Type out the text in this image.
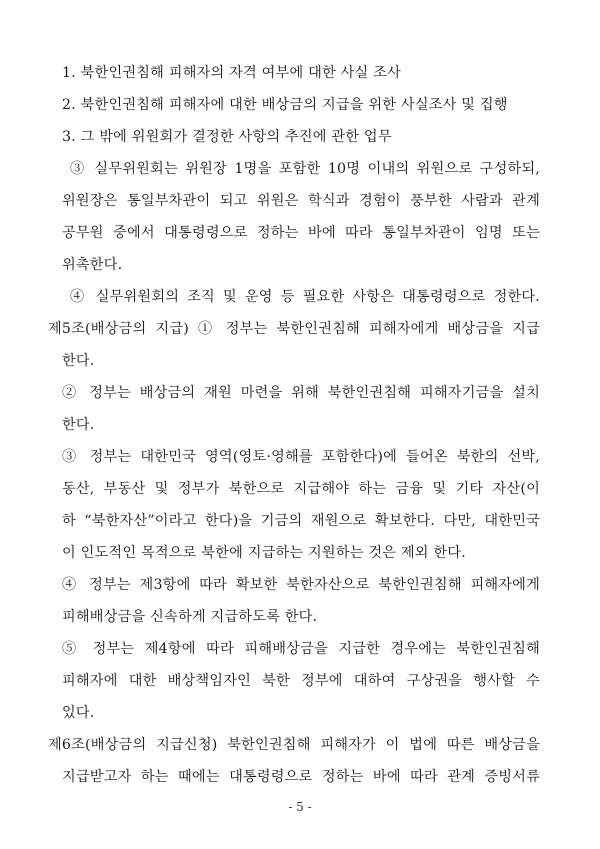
1. 북한인권침해 피해자의 자격 여부에 대한 사실 조사
2. 북한인권침해 피해자에 대한 배상금의 지급을 위한 사실조사 및 집행
3. 그 밖에 위원회가 결정한 사항의 추진에 관한 업무
③ 실무위원회는 위원장 1명을 포함한 10명 이내의 위원으로 구성하되,
위원장은 통일부차관이 되고 위원은 학식과 경험이 풍부한 사람과 관계
공무원 중에서 대통령령으로 정하는 바에 따라 통일부차관이 임명 또는
위촉한다.
④ 실무위원회의 조직 및 운영 등 필요한 사항은 대통령령으로 정한다.
제5조(배상금의 지급) ① 정부는 북한인권침해 피해자에게 배상금을 지급
한다.
② 정부는 배상금의 재원 마련을 위해 북한인권침해 피해자기금을 설치
한다.
③ 정부는 대한민국 영역(영토·영해를 포함한다)에 들어온 북한의 선박,
동산, 부동산 및 정부가 북한으로 지급해야 하는 금융 및 기타 자산(이
하 “북한자산”이라고 한다)을 기금의 재원으로 확보한다. 다만, 대한민국
이 인도적인 목적으로 북한에 지급하는 지원하는 것은 제외 한다.
④ 정부는 제3항에 따라 확보한 북한자산으로 북한인권침해 피해자에게
피해배상금을 신속하게 지급하도록 한다.
⑤ 정부는 제4항에 따라 피해배상금을 지급한 경우에는 북한인권침해
피해자에 대한 배상책임자인 북한 정부에 대하여 구상권을 행사할 수
있다.
제6조(배상금의 지급신청) 북한인권침해 피해자가 이 법에 따른 배상금을
지급받고자 하는 때에는 대통령령으로 정하는 바에 따라 관계 증빙서류
- 5 -
